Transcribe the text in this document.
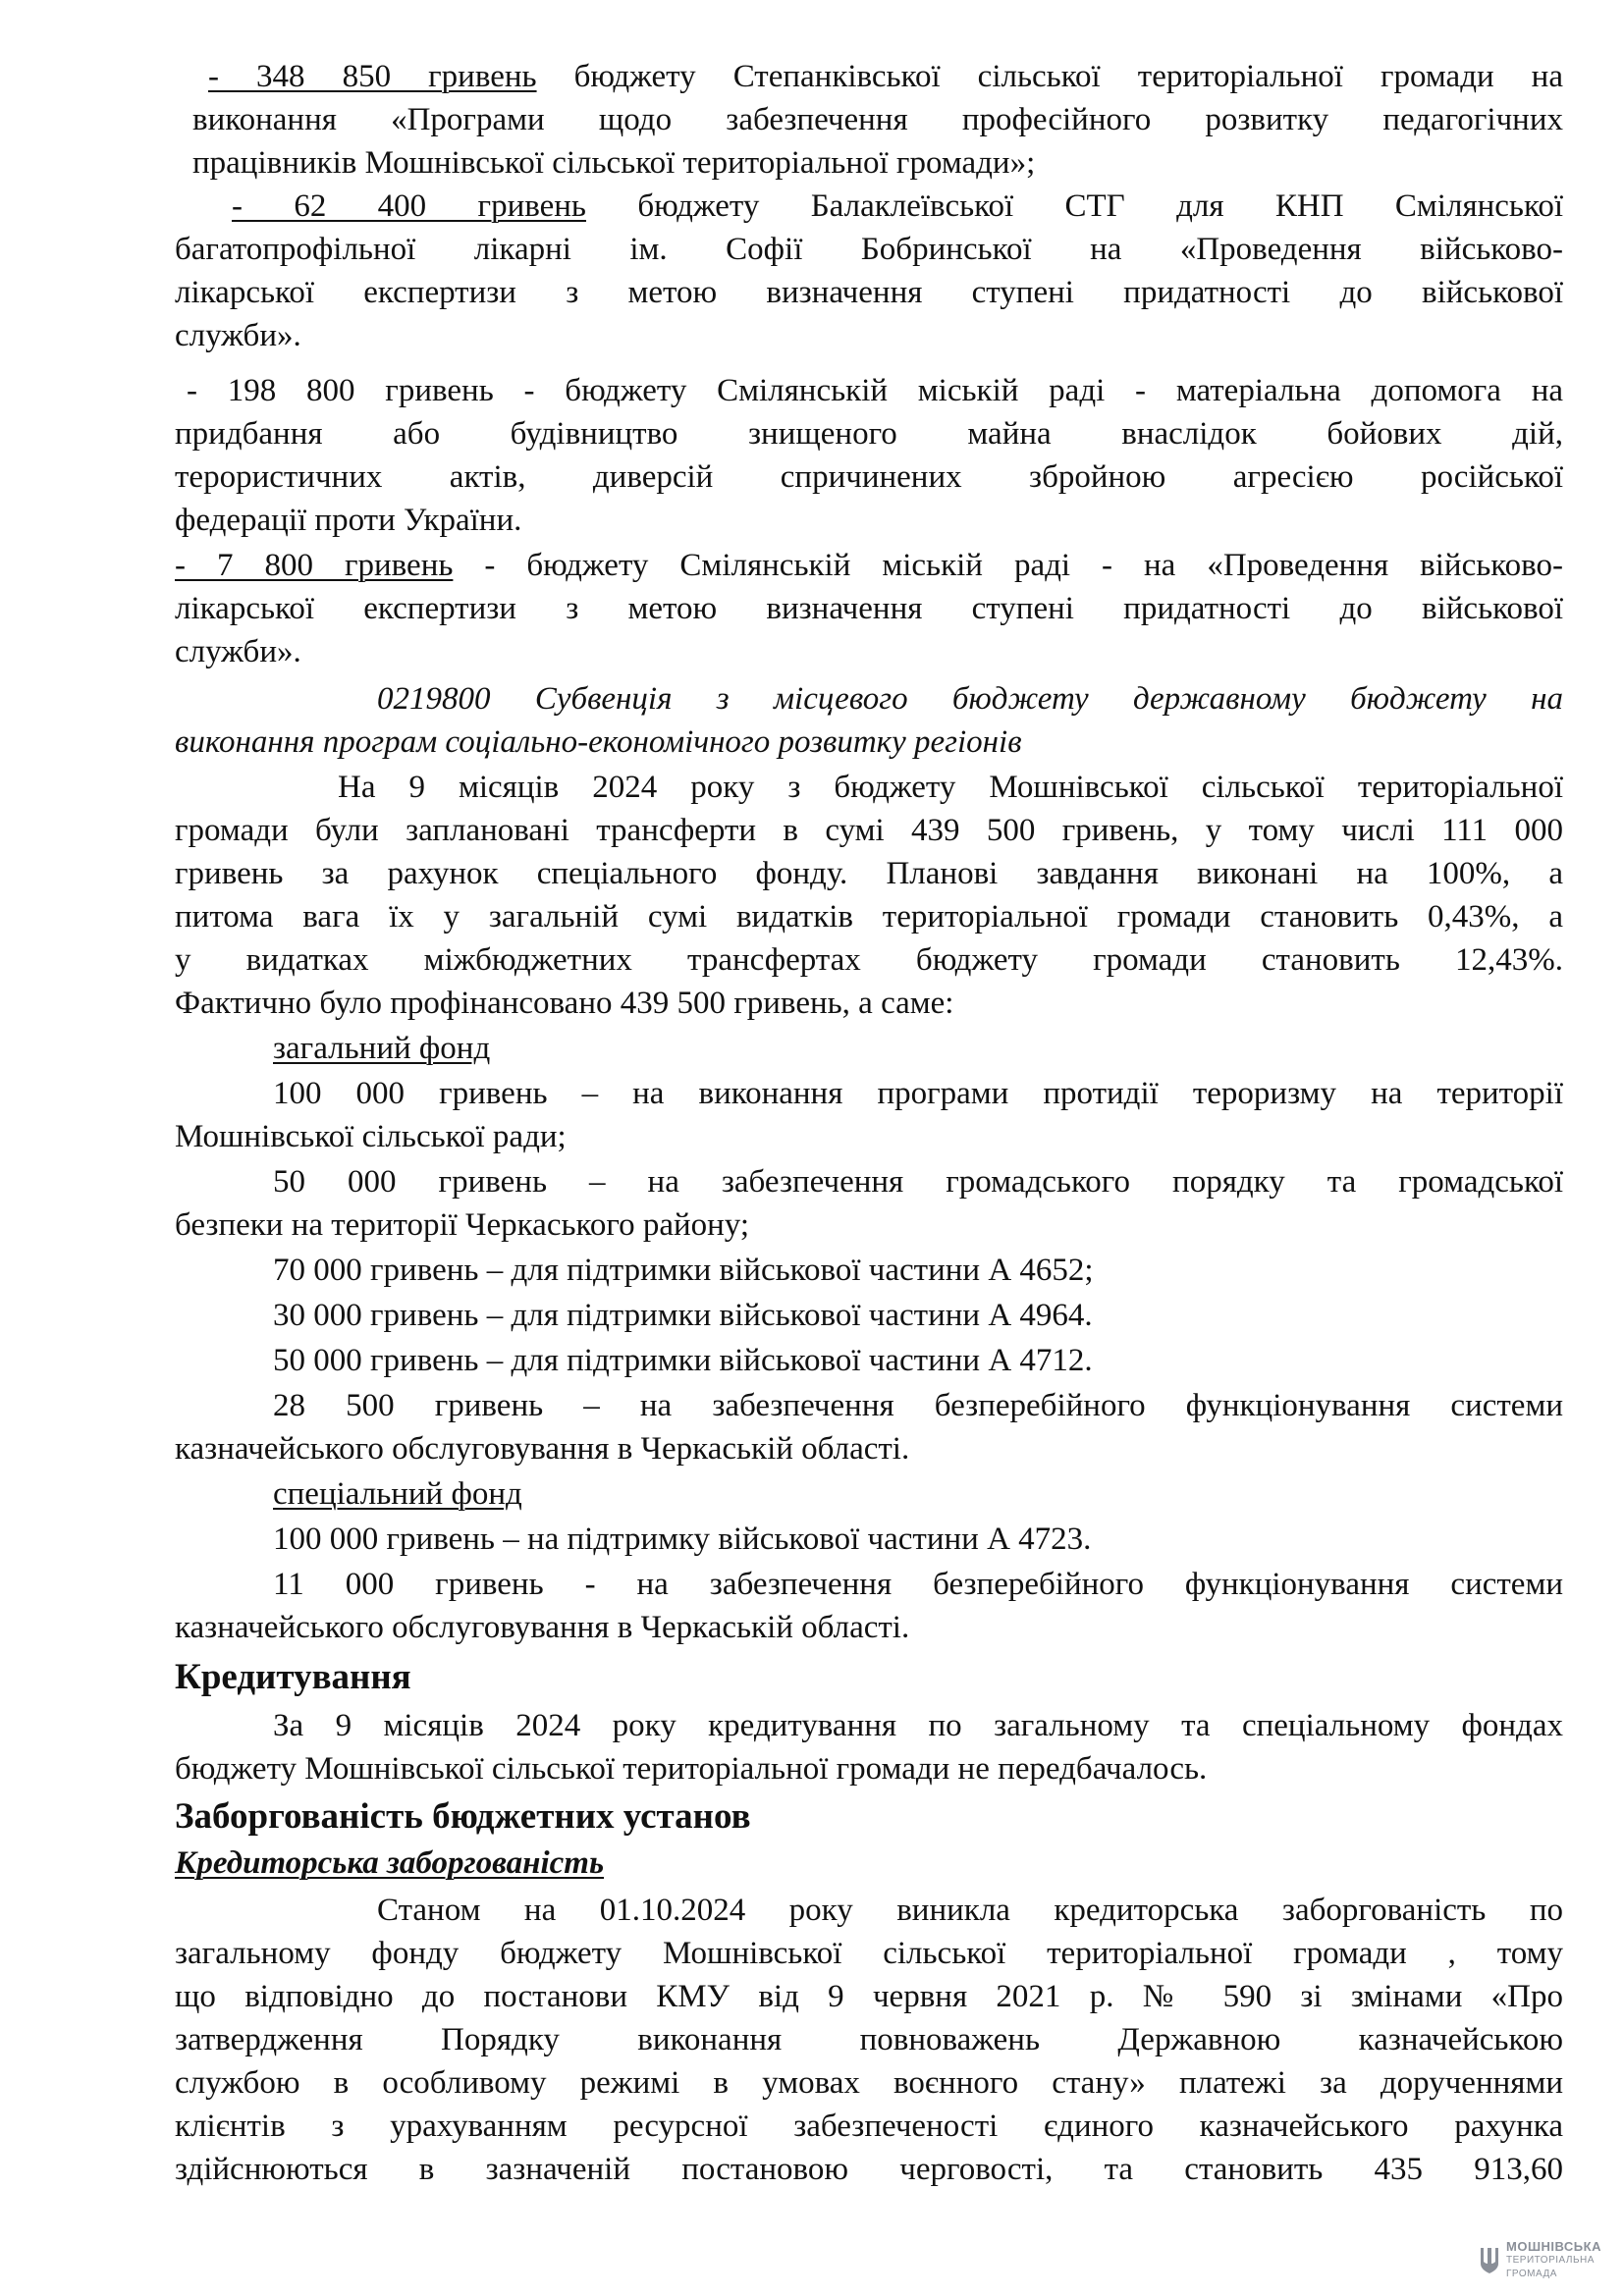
- 348 850 гривень бюджету Степанківської сільської територіальної громади на
виконання «Програми щодо забезпечення професійного розвитку педагогічних
працівників Мошнівської сільської територіальної громади»;
- 62 400 гривень бюджету Балаклеївської СТГ для КНП Смілянської
багатопрофільної лікарні ім. Софії Бобринської на «Проведення військово-
лікарської експертизи з метою визначення ступені придатності до військової
служби».
- 198 800 гривень - бюджету Смілянській міській раді - матеріальна допомога на
придбання або будівництво знищеного майна внаслідок бойових дій,
терористичних актів, диверсій спричинених збройною агресією російської
федерації проти України.
- 7 800 гривень - бюджету Смілянській міській раді - на «Проведення військово-
лікарської експертизи з метою визначення ступені придатності до військової
служби».
0219800 Субвенція з місцевого бюджету державному бюджету на
виконання програм соціально-економічного розвитку регіонів
На 9 місяців 2024 року з бюджету Мошнівської сільської територіальної
громади були заплановані трансферти в сумі 439 500 гривень, у тому числі 111 000
гривень за рахунок спеціального фонду. Планові завдання виконані на 100%, а
питома вага їх у загальній сумі видатків територіальної громади становить 0,43%, а
у видатках міжбюджетних трансфертах бюджету громади становить 12,43%.
Фактично було профінансовано 439 500 гривень, а саме:
загальний фонд
100 000 гривень – на виконання програми протидії тероризму на території
Мошнівської сільської ради;
50 000 гривень – на забезпечення громадського порядку та громадської
безпеки на території Черкаського району;
70 000 гривень – для підтримки військової частини А 4652;
30 000 гривень – для підтримки військової частини А 4964.
50 000 гривень – для підтримки військової частини А 4712.
28 500 гривень – на забезпечення безперебійного функціонування системи
казначейського обслуговування в Черкаській області.
спеціальний фонд
100 000 гривень – на підтримку військової частини А 4723.
11 000 гривень - на забезпечення безперебійного функціонування системи
казначейського обслуговування в Черкаській області.
Кредитування
За 9 місяців 2024 року кредитування по загальному та спеціальному фондах
бюджету Мошнівської сільської територіальної громади не передбачалось.
Заборгованість бюджетних установ
Кредиторська заборгованість
Станом на 01.10.2024 року виникла кредиторська заборгованість по
загальному фонду бюджету Мошнівської сільської територіальної громади , тому
що відповідно до постанови КМУ від 9 червня 2021 р. № 590 зі змінами «Про
затвердження Порядку виконання повноважень Державною казначейською
службою в особливому режимі в умовах воєнного стану» платежі за дорученнями
клієнтів з урахуванням ресурсної забезпеченості єдиного казначейського рахунка
здійснюються в зазначеній постановою черговості, та становить 435 913,60
МОШНІВСЬКА
ТЕРИТОРІАЛЬНА
ГРОМАДА
